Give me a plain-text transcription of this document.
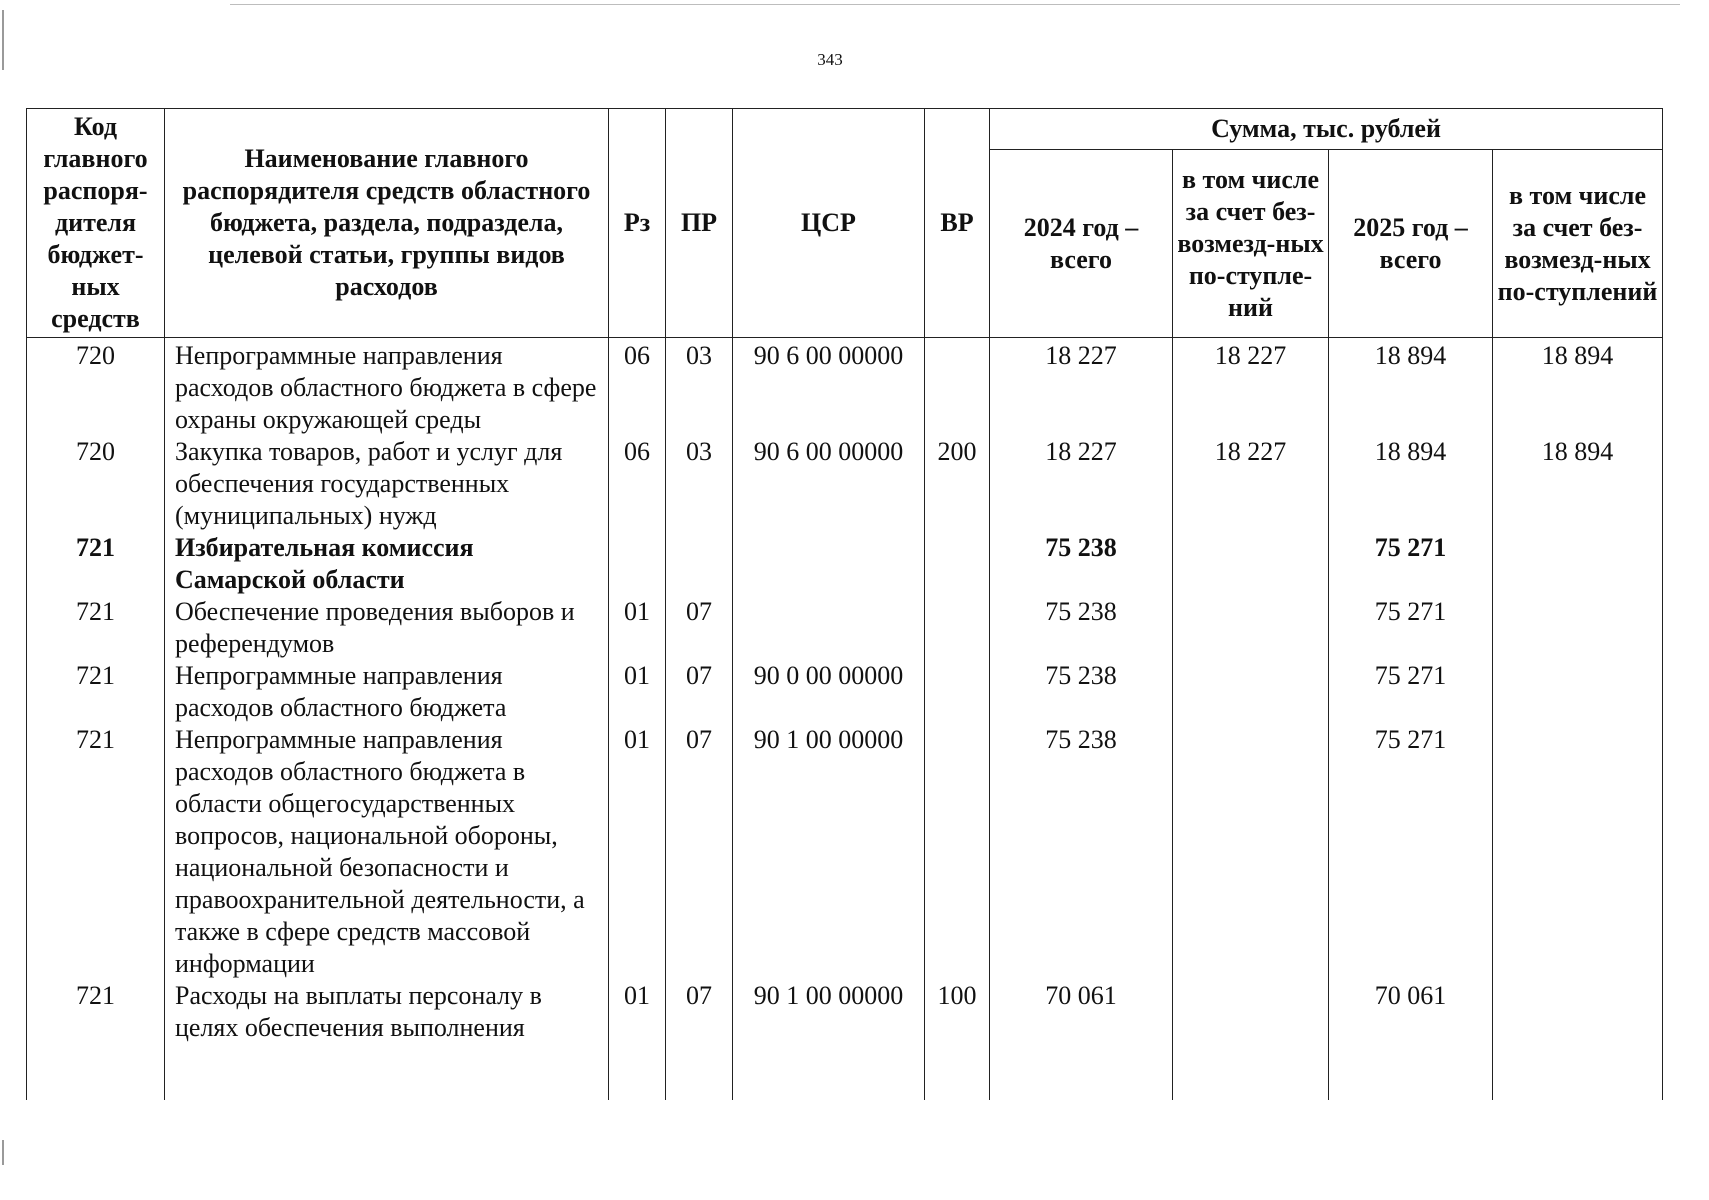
343
Код главного распоря-дителя бюджет-ных средств	Наименование главного распорядителя средств областного бюджета, раздела, подраздела, целевой статьи, группы видов расходов	Рз	ПР	ЦСР	ВР	Сумма, тыс. рублей			
						2024 год – всего	в том числе за счет без-возмезд-ных по-ступле-ний	2025 год – всего	в том числе за счет без-возмезд-ных по-ступлений
720	Непрограммные направления расходов областного бюджета в сфере охраны окружающей среды	06	03	90 6 00 00000		18 227	18 227	18 894	18 894
720	Закупка товаров, работ и услуг для обеспечения государственных (муниципальных) нужд	06	03	90 6 00 00000	200	18 227	18 227	18 894	18 894
721	Избирательная комиссия Самарской области					75 238		75 271	
721	Обеспечение проведения выборов и референдумов	01	07			75 238		75 271	
721	Непрограммные направления расходов областного бюджета	01	07	90 0 00 00000		75 238		75 271	
721	Непрограммные направления расходов областного бюджета в области общегосударственных вопросов, национальной обороны, национальной безопасности и правоохранительной деятельности, а также в сфере средств массовой информации	01	07	90 1 00 00000		75 238		75 271	
721	Расходы на выплаты персоналу в целях обеспечения выполнения	01	07	90 1 00 00000	100	70 061		70 061	
